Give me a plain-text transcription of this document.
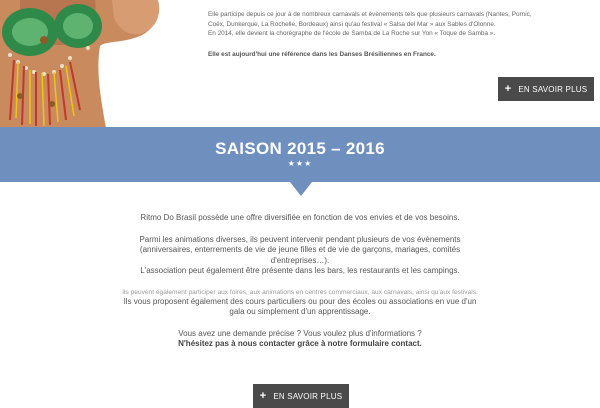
Elle participe depuis ce jour à de nombreux carnavals et évènements tels que plusieurs carnavals (Nantes, Pornic, Coëx, Dunkerque, La Rochelle, Bordeaux) ainsi qu'au festival « Salsa del Mar » aux Sables d'Olonne.

En 2014, elle devient la chorégraphe de l'école de Samba de La Roche sur Yon « Toque de Samba ».

Elle est aujourd'hui une référence dans les Danses Brésiliennes en France.

+ EN SAVOIR PLUS
SAISON 2015 – 2016
★★★

Ritmo Do Brasil possède une offre diversifiée en fonction de vos envies et de vos besoins.

Parmi les animations diverses, ils peuvent intervenir pendant plusieurs de vos évènements (anniversaires, enterrements de vie de jeune filles et de vie de garçons, mariages, comités d'entreprises…).

L'association peut également être présente dans les bars, les restaurants et les campings.

Ils peuvent également participer aux foires, aux animations en centres commerciaux, aux carnavals, ainsi qu'aux festivals.

Ils vous proposent également des cours particuliers ou pour des écoles ou associations en vue d'un gala ou simplement d'un apprentissage.

Vous avez une demande précise ? Vous voulez plus d'informations ?

N'hésitez pas à nous contacter grâce à notre formulaire contact.

+ EN SAVOIR PLUS
